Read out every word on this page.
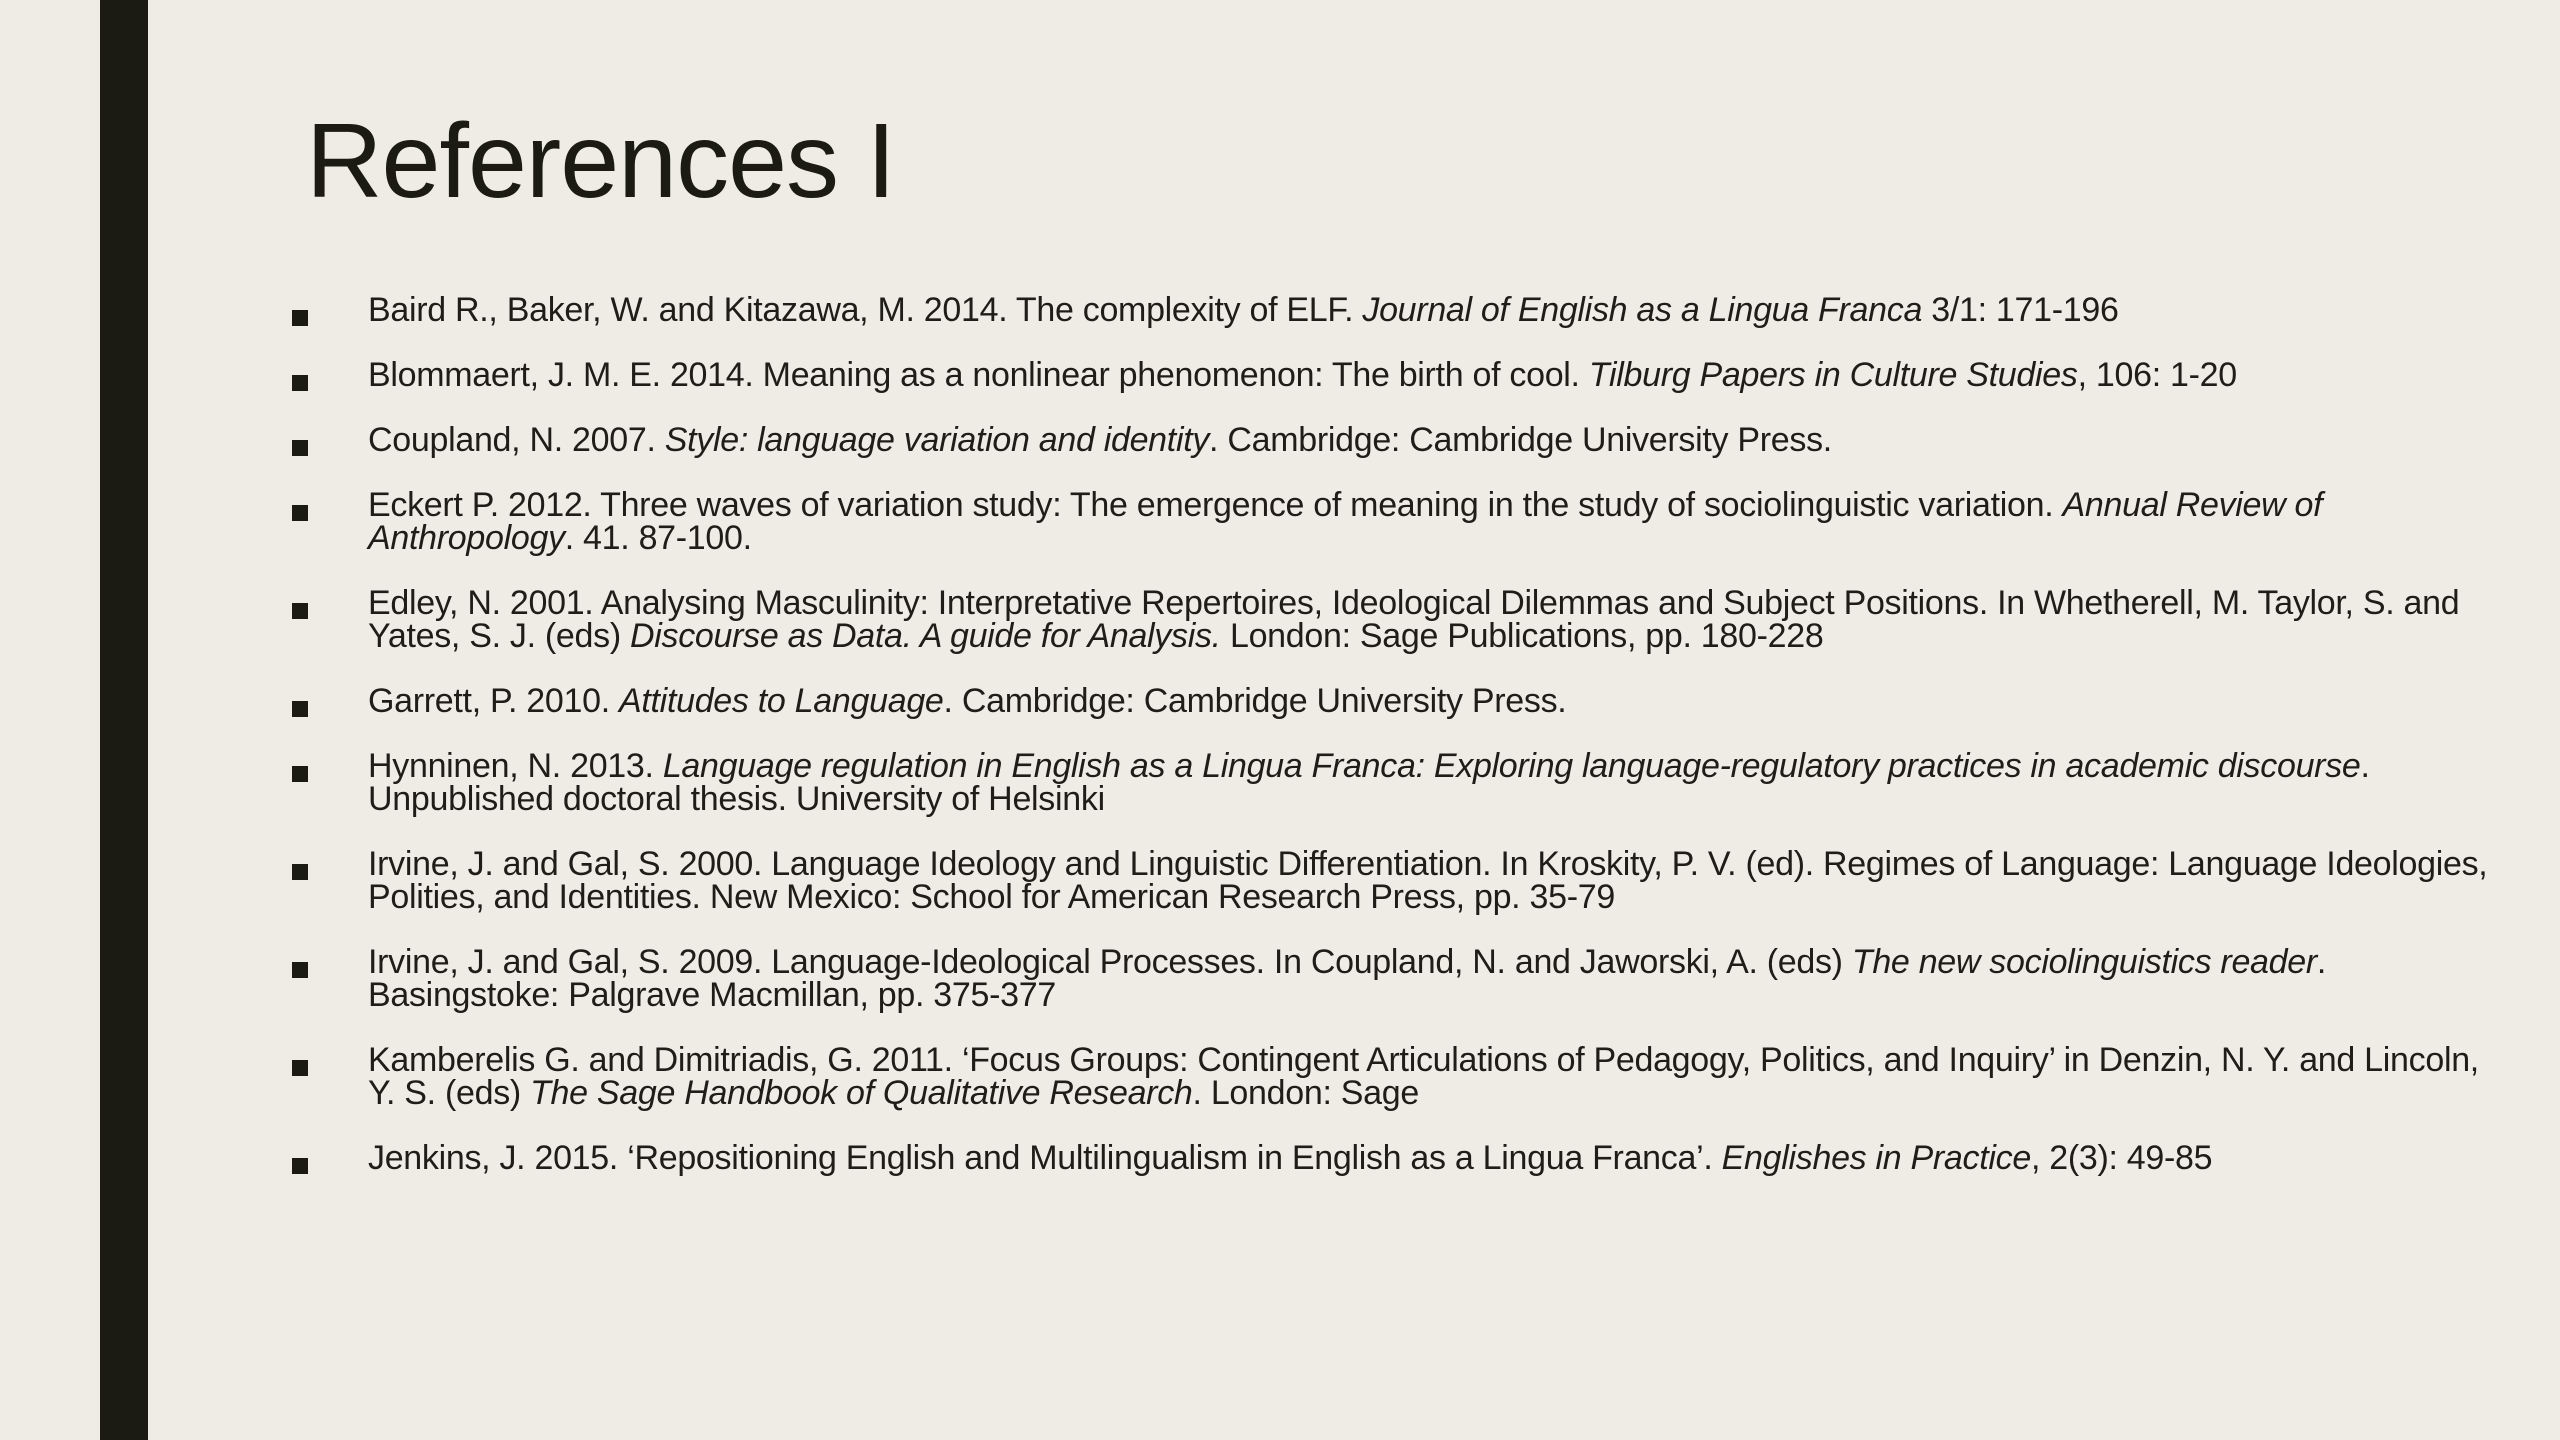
References I
Baird R., Baker, W. and Kitazawa, M. 2014. The complexity of ELF. Journal of English as a Lingua Franca 3/1: 171-196
Blommaert, J. M. E. 2014. Meaning as a nonlinear phenomenon: The birth of cool. Tilburg Papers in Culture Studies, 106: 1-20
Coupland, N. 2007. Style: language variation and identity. Cambridge: Cambridge University Press.
Eckert P. 2012. Three waves of variation study: The emergence of meaning in the study of sociolinguistic variation. Annual Review of Anthropology. 41. 87-100.
Edley, N. 2001. Analysing Masculinity: Interpretative Repertoires, Ideological Dilemmas and Subject Positions. In Whetherell, M. Taylor, S. and Yates, S. J. (eds) Discourse as Data. A guide for Analysis. London: Sage Publications, pp. 180-228
Garrett, P. 2010. Attitudes to Language. Cambridge: Cambridge University Press.
Hynninen, N. 2013. Language regulation in English as a Lingua Franca: Exploring language-regulatory practices in academic discourse. Unpublished doctoral thesis. University of Helsinki
Irvine, J. and Gal, S. 2000. Language Ideology and Linguistic Differentiation. In Kroskity, P. V. (ed). Regimes of Language: Language Ideologies, Polities, and Identities. New Mexico: School for American Research Press, pp. 35-79
Irvine, J. and Gal, S. 2009. Language-Ideological Processes. In Coupland, N. and Jaworski, A. (eds) The new sociolinguistics reader. Basingstoke: Palgrave Macmillan, pp. 375-377
Kamberelis G. and Dimitriadis, G. 2011. ‘Focus Groups: Contingent Articulations of Pedagogy, Politics, and Inquiry’ in Denzin, N. Y. and Lincoln, Y. S. (eds) The Sage Handbook of Qualitative Research. London: Sage
Jenkins, J. 2015. ‘Repositioning English and Multilingualism in English as a Lingua Franca’. Englishes in Practice, 2(3): 49-85
